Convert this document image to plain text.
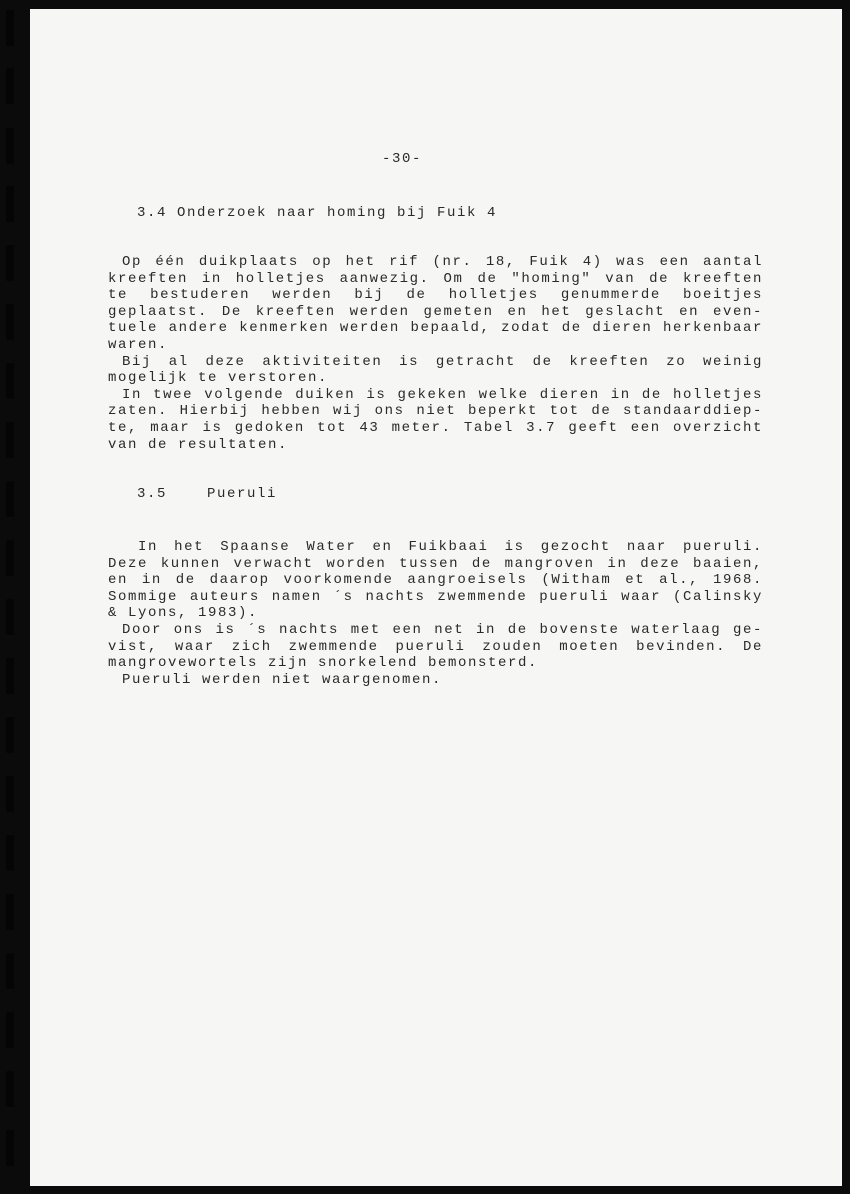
-30-
3.4 Onderzoek naar homing bij Fuik 4
Op één duikplaats op het rif (nr. 18, Fuik 4) was een aantal
kreeften in holletjes aanwezig. Om de "homing" van de kreeften
te bestuderen werden bij de holletjes genummerde boeitjes
geplaatst. De kreeften werden gemeten en het geslacht en even-
tuele andere kenmerken werden bepaald, zodat de dieren herkenbaar
waren.
Bij al deze aktiviteiten is getracht de kreeften zo weinig
mogelijk te verstoren.
In twee volgende duiken is gekeken welke dieren in de holletjes
zaten. Hierbij hebben wij ons niet beperkt tot de standaarddiep-
te, maar is gedoken tot 43 meter. Tabel 3.7 geeft een overzicht
van de resultaten.
3.5    Pueruli
In het Spaanse Water en Fuikbaai is gezocht naar pueruli.
Deze kunnen verwacht worden tussen de mangroven in deze baaien,
en in de daarop voorkomende aangroeisels (Witham et al., 1968.
Sommige auteurs namen ´s nachts zwemmende pueruli waar (Calinsky
& Lyons, 1983).
Door ons is ´s nachts met een net in de bovenste waterlaag ge-
vist, waar zich zwemmende pueruli zouden moeten bevinden. De
mangrovewortels zijn snorkelend bemonsterd.
Pueruli werden niet waargenomen.
